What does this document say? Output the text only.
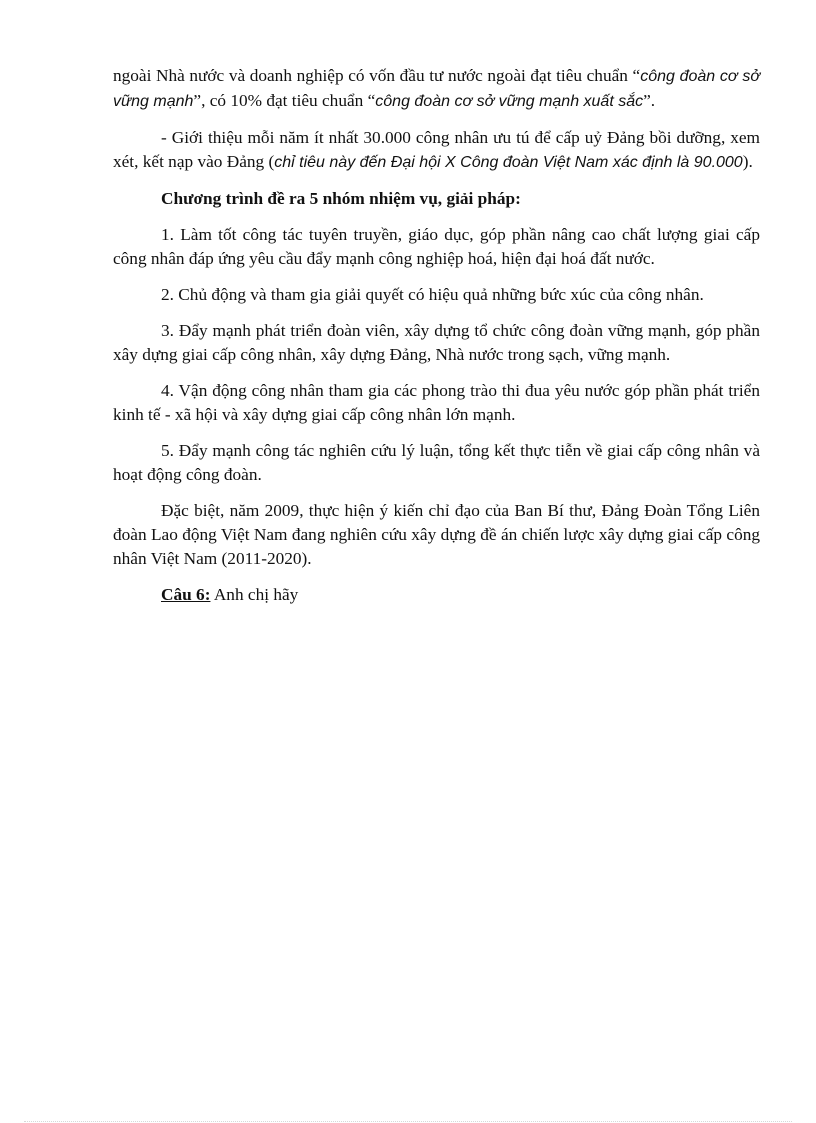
ngoài Nhà nước và doanh nghiệp có vốn đầu tư nước ngoài đạt tiêu chuẩn “công đoàn cơ sở vững mạnh”, có 10% đạt tiêu chuẩn “công đoàn cơ sở vững mạnh xuất sắc”.

- Giới thiệu mỗi năm ít nhất 30.000 công nhân ưu tú để cấp uỷ Đảng bồi dưỡng, xem xét, kết nạp vào Đảng (chỉ tiêu này đến Đại hội X Công đoàn Việt Nam xác định là 90.000).

Chương trình đề ra 5 nhóm nhiệm vụ, giải pháp:

1. Làm tốt công tác tuyên truyền, giáo dục, góp phần nâng cao chất lượng giai cấp công nhân đáp ứng yêu cầu đẩy mạnh công nghiệp hoá, hiện đại hoá đất nước.

2. Chủ động và tham gia giải quyết có hiệu quả những bức xúc của công nhân.

3. Đẩy mạnh phát triển đoàn viên, xây dựng tổ chức công đoàn vững mạnh, góp phần xây dựng giai cấp công nhân, xây dựng Đảng, Nhà nước trong sạch, vững mạnh.

4. Vận động công nhân tham gia các phong trào thi đua yêu nước góp phần phát triển kinh tế - xã hội và xây dựng giai cấp công nhân lớn mạnh.

5. Đẩy mạnh công tác nghiên cứu lý luận, tổng kết thực tiễn về giai cấp công nhân và hoạt động công đoàn.

Đặc biệt, năm 2009, thực hiện ý kiến chỉ đạo của Ban Bí thư, Đảng Đoàn Tổng Liên đoàn Lao động Việt Nam đang nghiên cứu xây dựng đề án chiến lược xây dựng giai cấp công nhân Việt Nam (2011-2020).

Câu 6: Anh chị hãy
